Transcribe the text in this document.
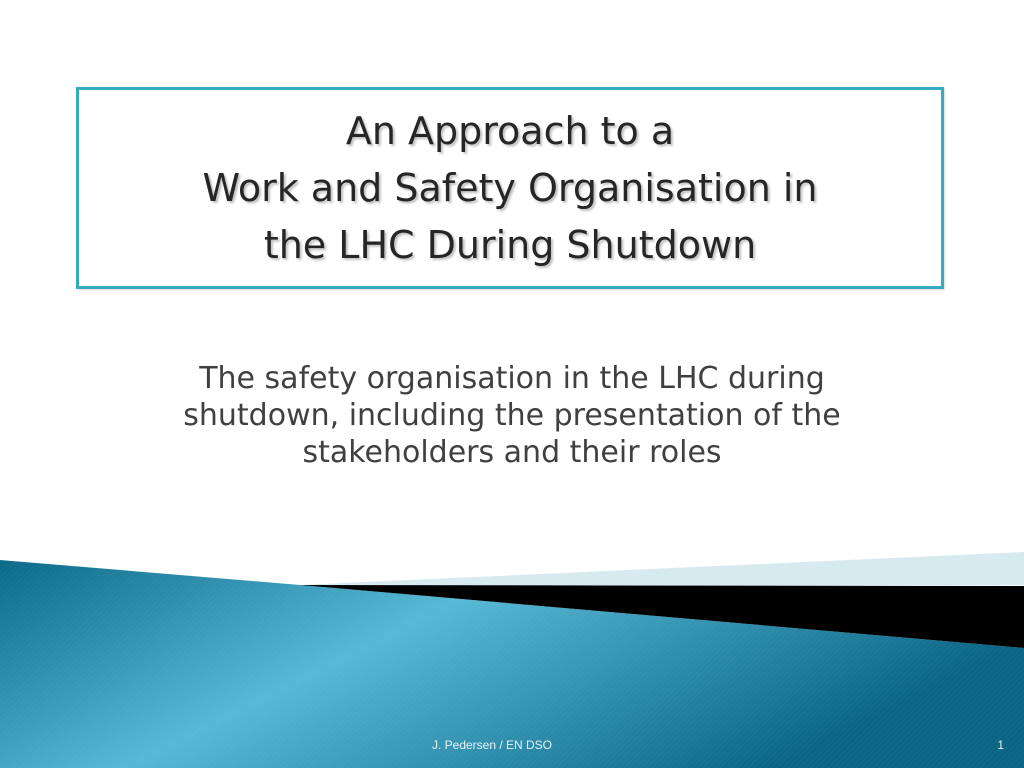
An Approach to a
Work and Safety Organisation in
the LHC During Shutdown
The safety organisation in the LHC during
shutdown, including the presentation of the
stakeholders and their roles
J. Pedersen / EN DSO	1
